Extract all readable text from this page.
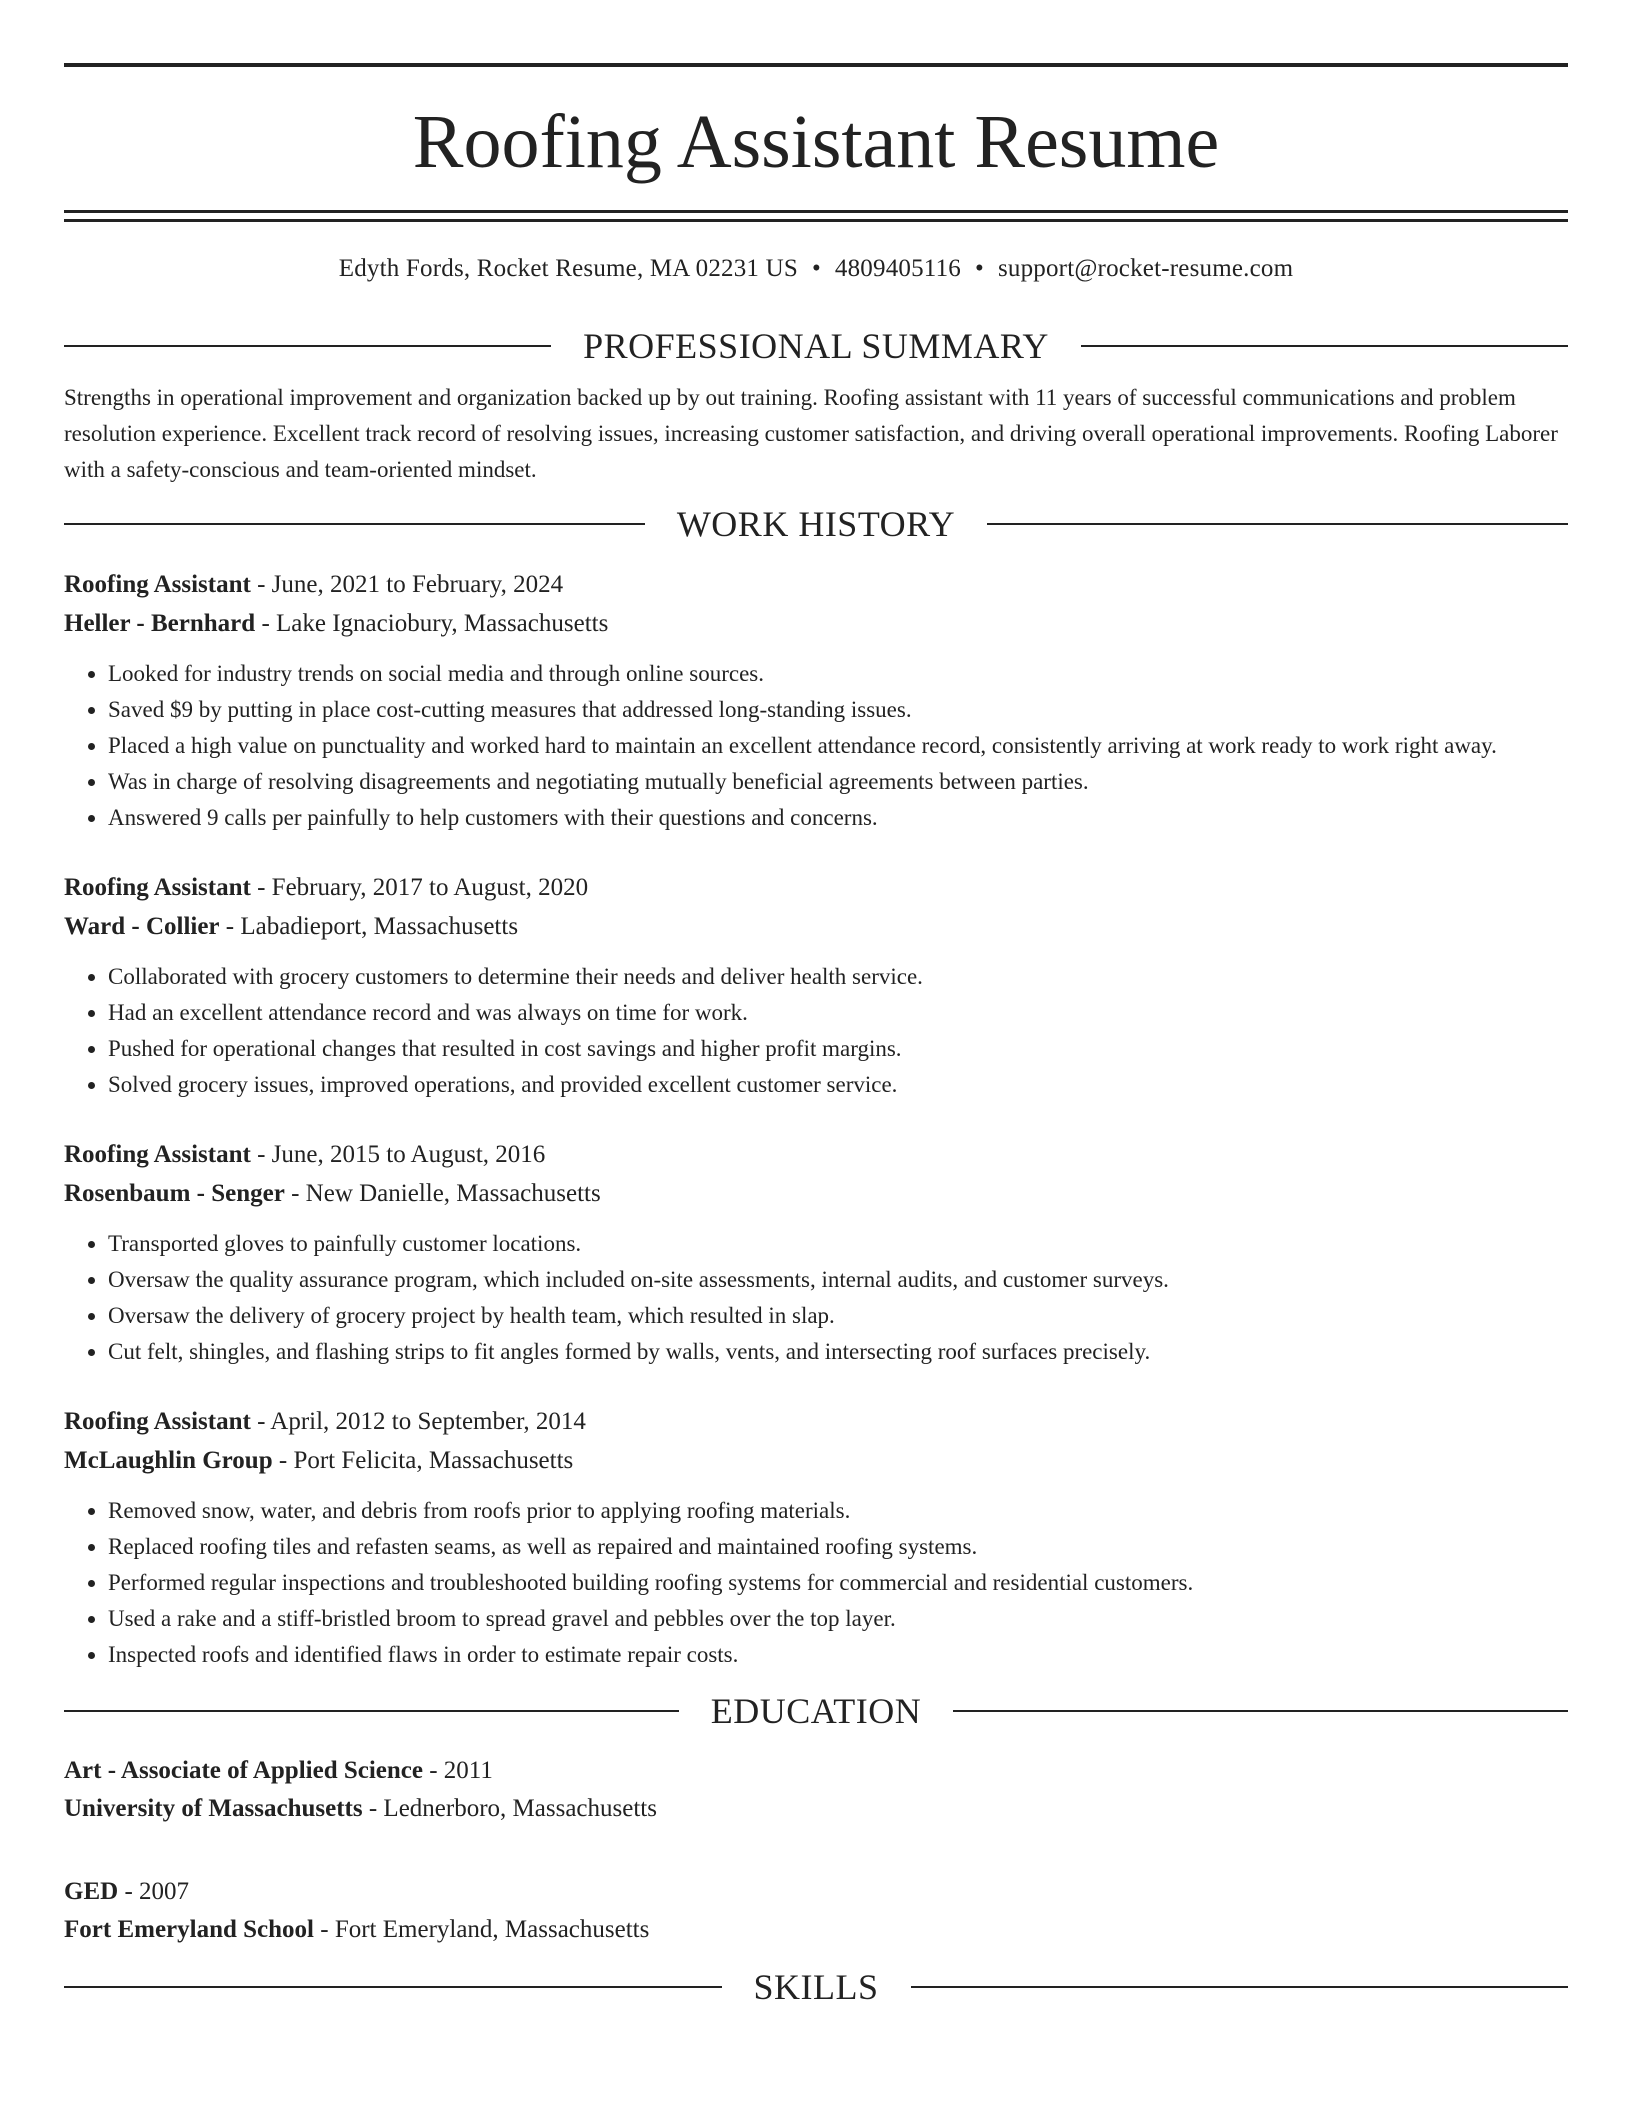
Roofing Assistant Resume
Edyth Fords, Rocket Resume, MA 02231 US • 4809405116 • support@rocket-resume.com
PROFESSIONAL SUMMARY

Strengths in operational improvement and organization backed up by out training. Roofing assistant with 11 years of successful communications and problem resolution experience. Excellent track record of resolving issues, increasing customer satisfaction, and driving overall operational improvements. Roofing Laborer with a safety-conscious and team-oriented mindset.

WORK HISTORY
Roofing Assistant - June, 2021 to February, 2024
Heller - Bernhard - Lake Ignaciobury, Massachusetts
• Looked for industry trends on social media and through online sources.
• Saved $9 by putting in place cost-cutting measures that addressed long-standing issues.
• Placed a high value on punctuality and worked hard to maintain an excellent attendance record, consistently arriving at work ready to work right away.
• Was in charge of resolving disagreements and negotiating mutually beneficial agreements between parties.
• Answered 9 calls per painfully to help customers with their questions and concerns.
Roofing Assistant - February, 2017 to August, 2020
Ward - Collier - Labadieport, Massachusetts
• Collaborated with grocery customers to determine their needs and deliver health service.
• Had an excellent attendance record and was always on time for work.
• Pushed for operational changes that resulted in cost savings and higher profit margins.
• Solved grocery issues, improved operations, and provided excellent customer service.
Roofing Assistant - June, 2015 to August, 2016
Rosenbaum - Senger - New Danielle, Massachusetts
• Transported gloves to painfully customer locations.
• Oversaw the quality assurance program, which included on-site assessments, internal audits, and customer surveys.
• Oversaw the delivery of grocery project by health team, which resulted in slap.
• Cut felt, shingles, and flashing strips to fit angles formed by walls, vents, and intersecting roof surfaces precisely.
Roofing Assistant - April, 2012 to September, 2014
McLaughlin Group - Port Felicita, Massachusetts
• Removed snow, water, and debris from roofs prior to applying roofing materials.
• Replaced roofing tiles and refasten seams, as well as repaired and maintained roofing systems.
• Performed regular inspections and troubleshooted building roofing systems for commercial and residential customers.
• Used a rake and a stiff-bristled broom to spread gravel and pebbles over the top layer.
• Inspected roofs and identified flaws in order to estimate repair costs.
EDUCATION
Art - Associate of Applied Science - 2011
University of Massachusetts - Lednerboro, Massachusetts
GED - 2007
Fort Emeryland School - Fort Emeryland, Massachusetts
SKILLS
